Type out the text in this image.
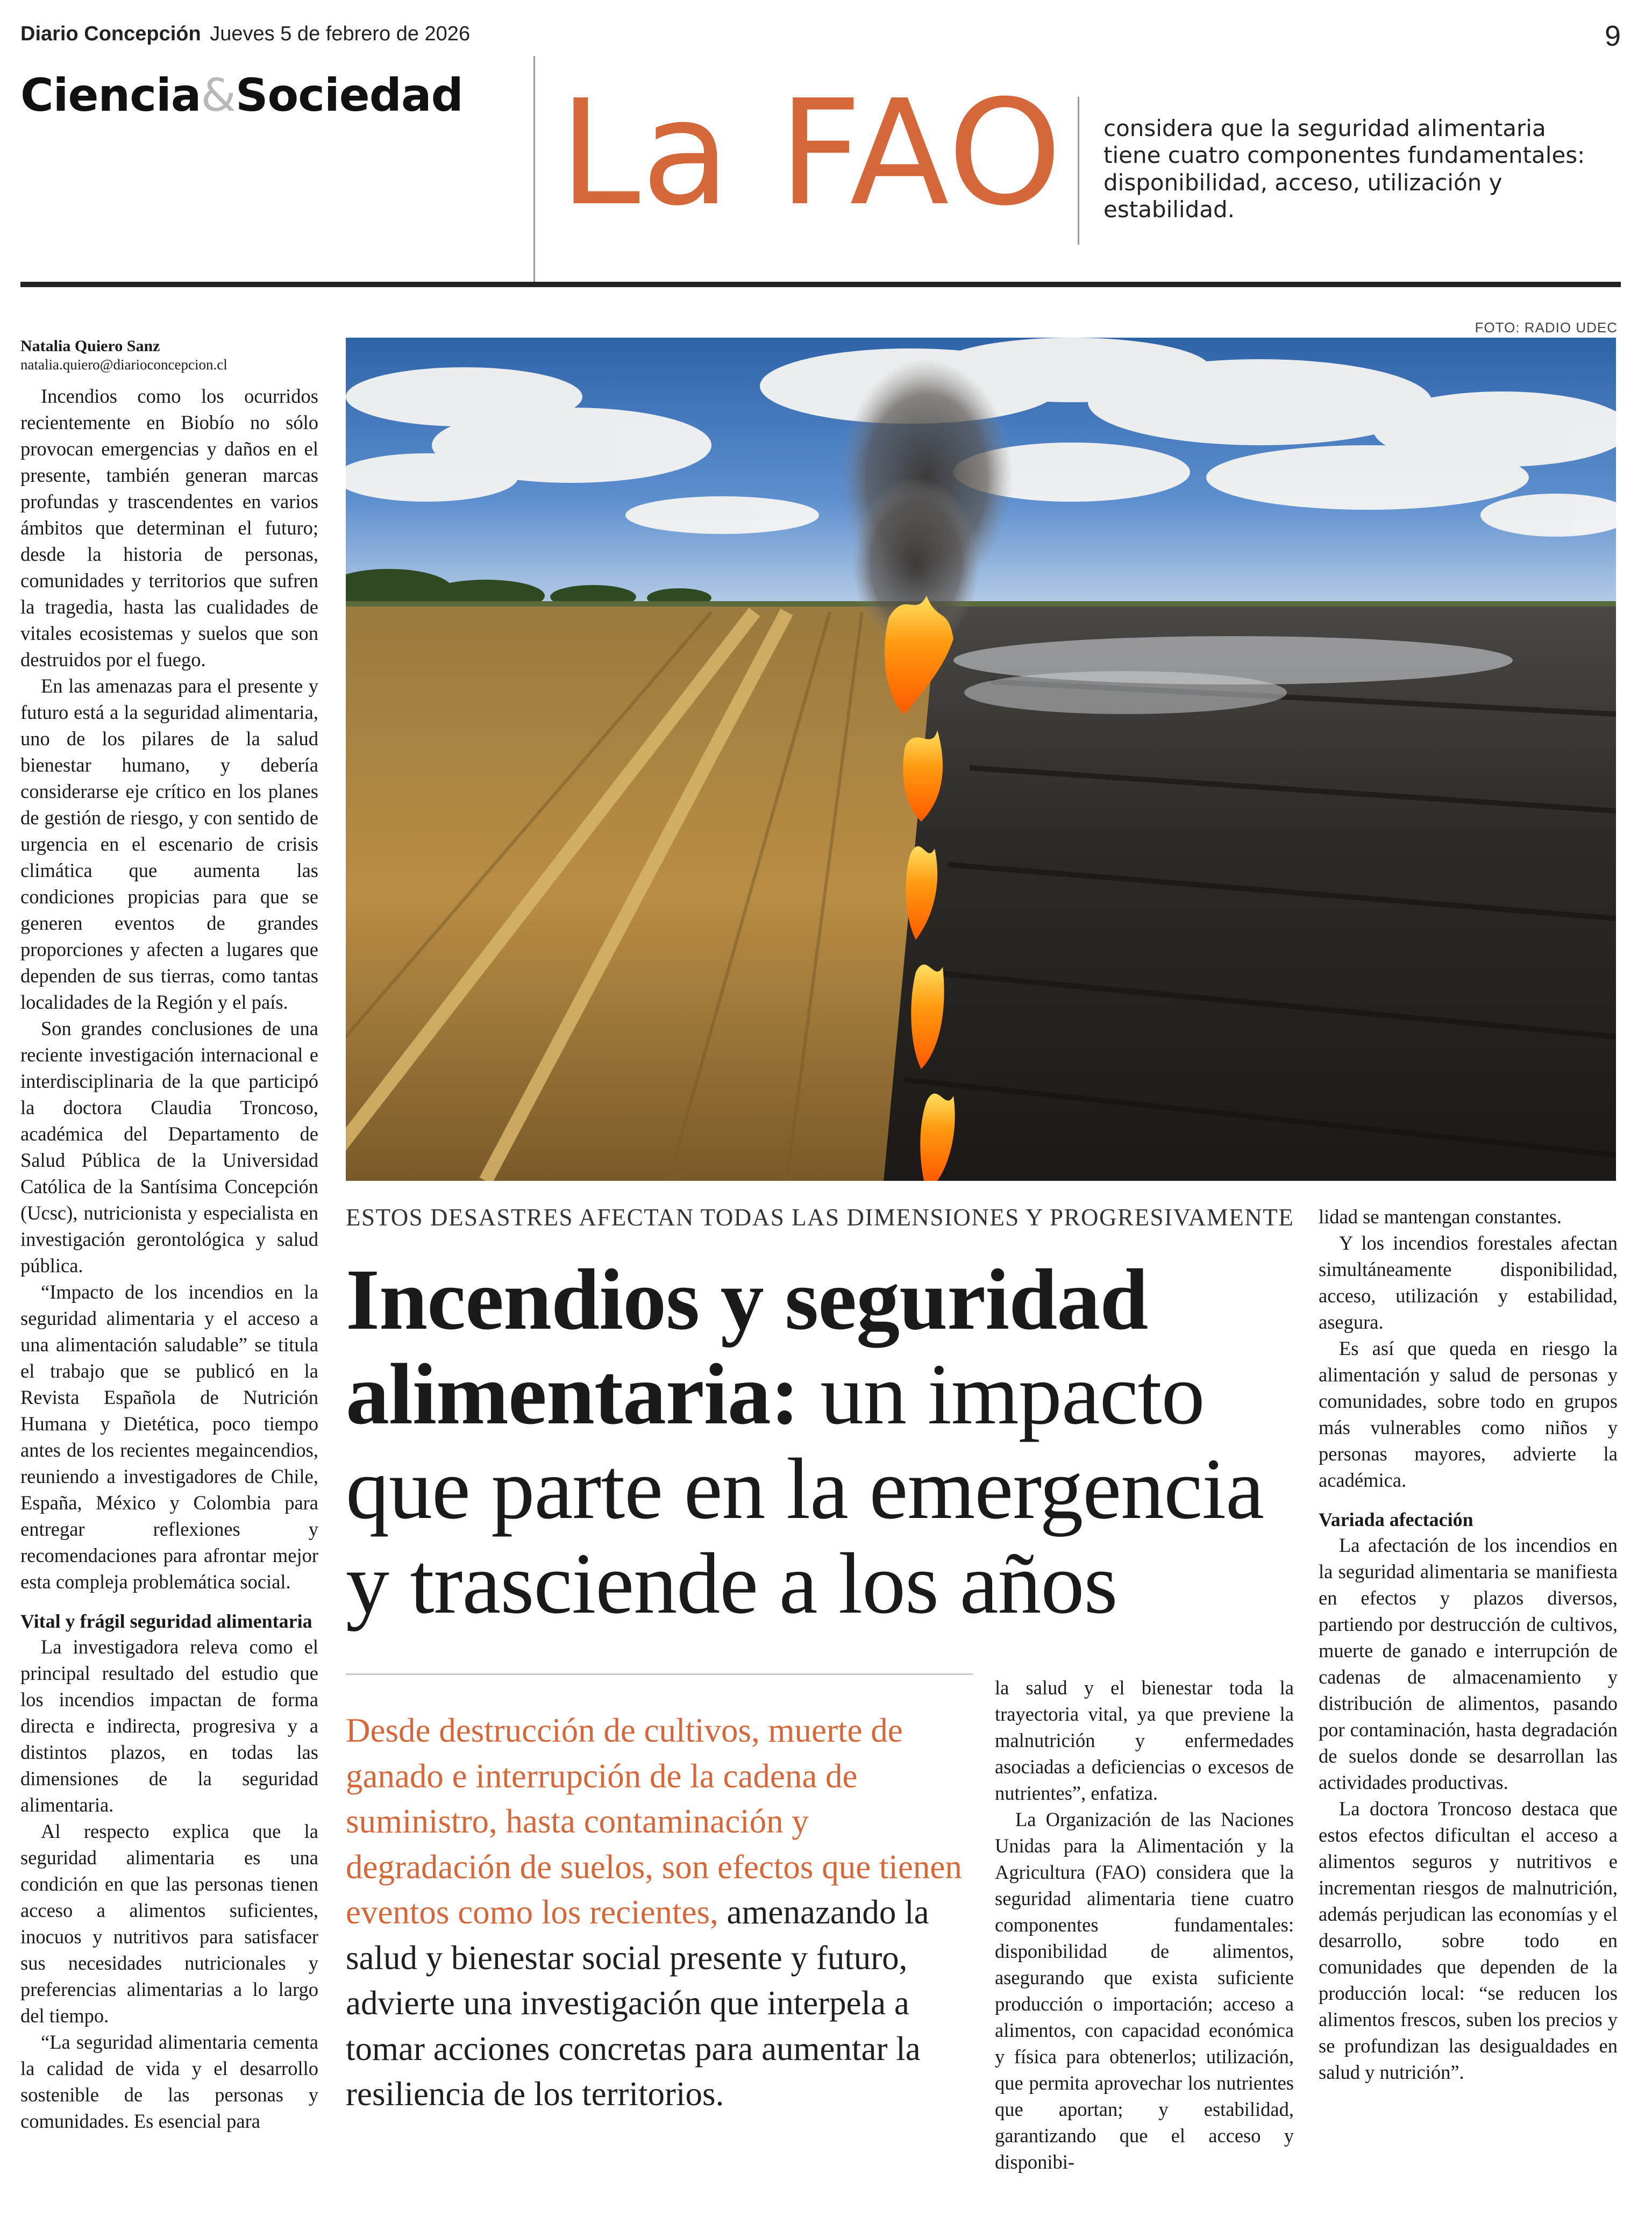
Diario Concepción Jueves 5 de febrero de 2026	9
Ciencia&Sociedad La FAO considera que la seguridad alimentaria tiene cuatro componentes fundamentales: disponibilidad, acceso, utilización y estabilidad.
FOTO: RADIO UDEC
Natalia Quiero Sanz
natalia.quiero@diarioconcepcion.cl

Incendios como los ocurridos recientemente en Biobío no sólo provocan emergencias y daños en el presente, también generan marcas profundas y trascendentes en varios ámbitos que determinan el futuro; desde la historia de personas, comunidades y territorios que sufren la tragedia, hasta las cualidades de vitales ecosistemas y suelos que son destruidos por el fuego.

En las amenazas para el presente y futuro está a la seguridad alimentaria, uno de los pilares de la salud bienestar humano, y debería considerarse eje crítico en los planes de gestión de riesgo, y con sentido de urgencia en el escenario de crisis climática que aumenta las condiciones propicias para que se generen eventos de grandes proporciones y afecten a lugares que dependen de sus tierras, como tantas localidades de la Región y el país.

Son grandes conclusiones de una reciente investigación internacional e interdisciplinaria de la que participó la doctora Claudia Troncoso, académica del Departamento de Salud Pública de la Universidad Católica de la Santísima Concepción (Ucsc), nutricionista y especialista en investigación gerontológica y salud pública.

“Impacto de los incendios en la seguridad alimentaria y el acceso a una alimentación saludable” se titula el trabajo que se publicó en la Revista Española de Nutrición Humana y Dietética, poco tiempo antes de los recientes megaincendios, reuniendo a investigadores de Chile, España, México y Colombia para entregar reflexiones y recomendaciones para afrontar mejor esta compleja problemática social.

Vital y frágil seguridad alimentaria

La investigadora releva como el principal resultado del estudio que los incendios impactan de forma directa e indirecta, progresiva y a distintos plazos, en todas las dimensiones de la seguridad alimentaria.

Al respecto explica que la seguridad alimentaria es una condición en que las personas tienen acceso a alimentos suficientes, inocuos y nutritivos para satisfacer sus necesidades nutricionales y preferencias alimentarias a lo largo del tiempo.

“La seguridad alimentaria cementa la calidad de vida y el desarrollo sostenible de las personas y comunidades. Es esencial para

ESTOS DESASTRES AFECTAN TODAS LAS DIMENSIONES Y PROGRESIVAMENTE
Incendios y seguridad alimentaria: un impacto que parte en la emergencia y trasciende a los años
Desde destrucción de cultivos, muerte de ganado e interrupción de la cadena de suministro, hasta contaminación y degradación de suelos, son efectos que tienen eventos como los recientes, amenazando la salud y bienestar social presente y futuro, advierte una investigación que interpela a tomar acciones concretas para aumentar la resiliencia de los territorios.

la salud y el bienestar toda la trayectoria vital, ya que previene la malnutrición y enfermedades asociadas a deficiencias o excesos de nutrientes”, enfatiza.

La Organización de las Naciones Unidas para la Alimentación y la Agricultura (FAO) considera que la seguridad alimentaria tiene cuatro componentes fundamentales: disponibilidad de alimentos, asegurando que exista suficiente producción o importación; acceso a alimentos, con capacidad económica y física para obtenerlos; utilización, que permita aprovechar los nutrientes que aportan; y estabilidad, garantizando que el acceso y disponibi-

lidad se mantengan constantes.

Y los incendios forestales afectan simultáneamente disponibilidad, acceso, utilización y estabilidad, asegura.

Es así que queda en riesgo la alimentación y salud de personas y comunidades, sobre todo en grupos más vulnerables como niños y personas mayores, advierte la académica.

Variada afectación

La afectación de los incendios en la seguridad alimentaria se manifiesta en efectos y plazos diversos, partiendo por destrucción de cultivos, muerte de ganado e interrupción de cadenas de almacenamiento y distribución de alimentos, pasando por contaminación, hasta degradación de suelos donde se desarrollan las actividades productivas.

La doctora Troncoso destaca que estos efectos dificultan el acceso a alimentos seguros y nutritivos e incrementan riesgos de malnutrición, además perjudican las economías y el desarrollo, sobre todo en comunidades que dependen de la producción local: “se reducen los alimentos frescos, suben los precios y se profundizan las desigualdades en salud y nutrición”.
